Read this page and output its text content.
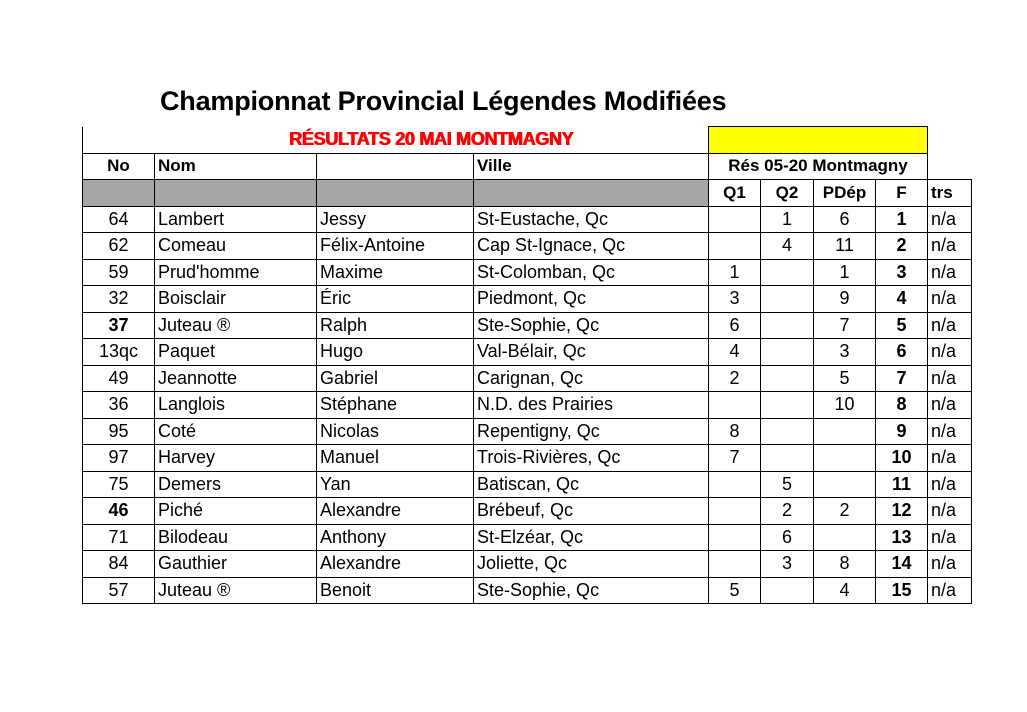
Championnat Provincial Légendes Modifiées
	RÉSULTATS 20 MAI MONTMAGNY							
No	Nom		Ville	Rés 05-20 Montmagny				
				Q1	Q2	PDép	F	trs
64	Lambert	Jessy	St-Eustache, Qc		1	6	1	n/a
62	Comeau	Félix-Antoine	Cap St-Ignace, Qc		4	11	2	n/a
59	Prud'homme	Maxime	St-Colomban, Qc	1		1	3	n/a
32	Boisclair	Éric	Piedmont, Qc	3		9	4	n/a
37	Juteau ®	Ralph	Ste-Sophie, Qc	6		7	5	n/a
13qc	Paquet	Hugo	Val-Bélair, Qc	4		3	6	n/a
49	Jeannotte	Gabriel	Carignan, Qc	2		5	7	n/a
36	Langlois	Stéphane	N.D. des Prairies			10	8	n/a
95	Coté	Nicolas	Repentigny, Qc	8			9	n/a
97	Harvey	Manuel	Trois-Rivières, Qc	7			10	n/a
75	Demers	Yan	Batiscan, Qc		5		11	n/a
46	Piché	Alexandre	Brébeuf, Qc		2	2	12	n/a
71	Bilodeau	Anthony	St-Elzéar, Qc		6		13	n/a
84	Gauthier	Alexandre	Joliette, Qc		3	8	14	n/a
57	Juteau ®	Benoit	Ste-Sophie, Qc	5		4	15	n/a
